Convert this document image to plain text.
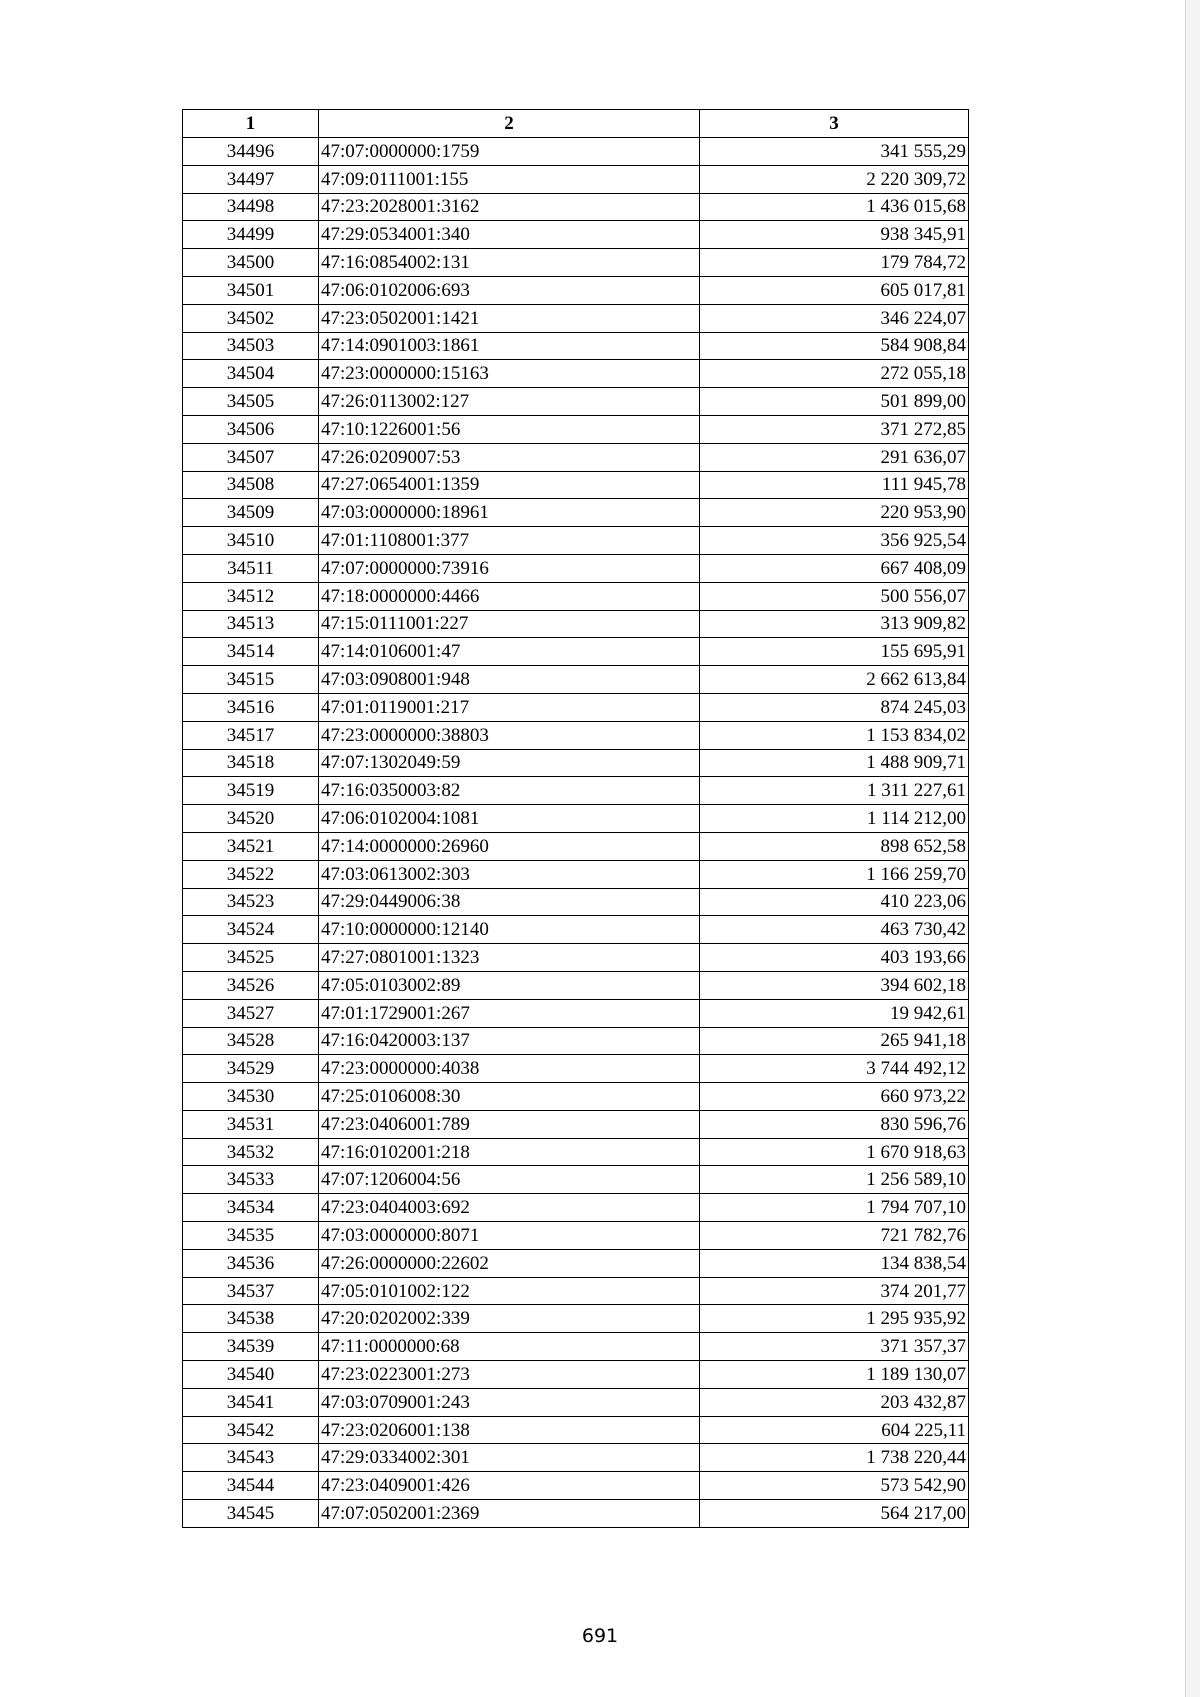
1	2	3
34496	47:07:0000000:1759	341 555,29
34497	47:09:0111001:155	2 220 309,72
34498	47:23:2028001:3162	1 436 015,68
34499	47:29:0534001:340	938 345,91
34500	47:16:0854002:131	179 784,72
34501	47:06:0102006:693	605 017,81
34502	47:23:0502001:1421	346 224,07
34503	47:14:0901003:1861	584 908,84
34504	47:23:0000000:15163	272 055,18
34505	47:26:0113002:127	501 899,00
34506	47:10:1226001:56	371 272,85
34507	47:26:0209007:53	291 636,07
34508	47:27:0654001:1359	111 945,78
34509	47:03:0000000:18961	220 953,90
34510	47:01:1108001:377	356 925,54
34511	47:07:0000000:73916	667 408,09
34512	47:18:0000000:4466	500 556,07
34513	47:15:0111001:227	313 909,82
34514	47:14:0106001:47	155 695,91
34515	47:03:0908001:948	2 662 613,84
34516	47:01:0119001:217	874 245,03
34517	47:23:0000000:38803	1 153 834,02
34518	47:07:1302049:59	1 488 909,71
34519	47:16:0350003:82	1 311 227,61
34520	47:06:0102004:1081	1 114 212,00
34521	47:14:0000000:26960	898 652,58
34522	47:03:0613002:303	1 166 259,70
34523	47:29:0449006:38	410 223,06
34524	47:10:0000000:12140	463 730,42
34525	47:27:0801001:1323	403 193,66
34526	47:05:0103002:89	394 602,18
34527	47:01:1729001:267	19 942,61
34528	47:16:0420003:137	265 941,18
34529	47:23:0000000:4038	3 744 492,12
34530	47:25:0106008:30	660 973,22
34531	47:23:0406001:789	830 596,76
34532	47:16:0102001:218	1 670 918,63
34533	47:07:1206004:56	1 256 589,10
34534	47:23:0404003:692	1 794 707,10
34535	47:03:0000000:8071	721 782,76
34536	47:26:0000000:22602	134 838,54
34537	47:05:0101002:122	374 201,77
34538	47:20:0202002:339	1 295 935,92
34539	47:11:0000000:68	371 357,37
34540	47:23:0223001:273	1 189 130,07
34541	47:03:0709001:243	203 432,87
34542	47:23:0206001:138	604 225,11
34543	47:29:0334002:301	1 738 220,44
34544	47:23:0409001:426	573 542,90
34545	47:07:0502001:2369	564 217,00
691
